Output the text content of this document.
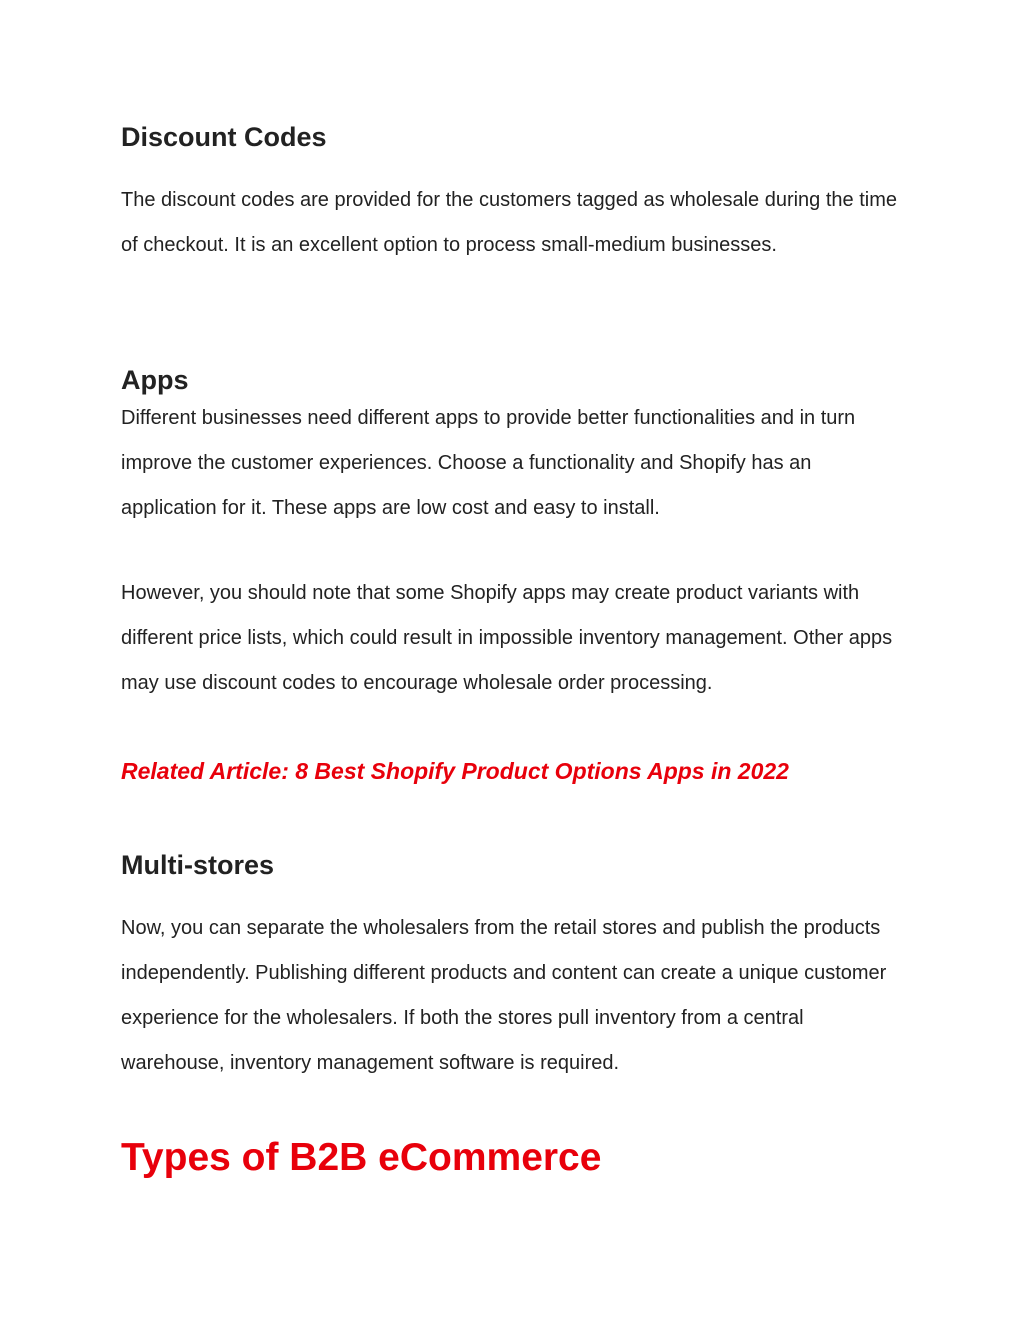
Discount Codes

The discount codes are provided for the customers tagged as wholesale during the time of checkout. It is an excellent option to process small-medium businesses.

Apps

Different businesses need different apps to provide better functionalities and in turn improve the customer experiences. Choose a functionality and Shopify has an application for it. These apps are low cost and easy to install.

However, you should note that some Shopify apps may create product variants with different price lists, which could result in impossible inventory management. Other apps may use discount codes to encourage wholesale order processing.

Related Article: 8 Best Shopify Product Options Apps in 2022
Multi-stores

Now, you can separate the wholesalers from the retail stores and publish the products independently. Publishing different products and content can create a unique customer experience for the wholesalers. If both the stores pull inventory from a central warehouse, inventory management software is required.

Types of B2B eCommerce
